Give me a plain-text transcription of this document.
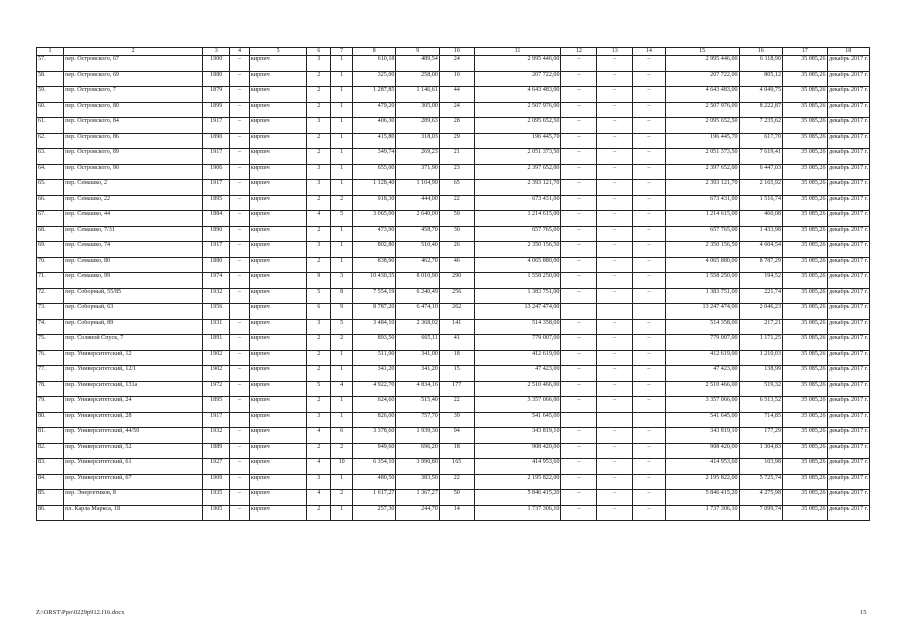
1	2	3	4	5	6	7	8	9	10	11	12	13	14	15	16	17	18
57.	пер. Островского, 67	1900	–	кирпич	3	1	610,18	489,54	24	2 995 446,00	–	–	–	2 995 446,00	6 118,90	35 085,26	декабрь 2017 г.
58.	пер. Островского, 69	1880	–	кирпич	2	1	325,00	258,00	10	207 722,00	–	–	–	207 722,00	805,12	35 085,26	декабрь 2017 г.
59.	пер. Островского, 7	1879	–	кирпич	2	1	1 287,85	1 146,61	44	4 643 483,00	–	–	–	4 643 483,00	4 049,75	35 085,26	декабрь 2017 г.
60.	пер. Островского, 80	1899	–	кирпич	2	1	479,20	305,00	24	2 507 976,00	–	–	–	2 507 976,00	8 222,87	35 085,26	декабрь 2017 г.
61.	пер. Островского, 84	1917	–	кирпич	3	1	406,30	289,63	28	2 095 652,50	–	–	–	2 095 652,50	7 235,62	35 085,26	декабрь 2017 г.
62.	пер. Островского, 86	1890	–	кирпич	2	1	415,80	318,03	29	196 445,70	–	–	–	196 445,70	617,70	35 085,26	декабрь 2017 г.
63.	пер. Островского, 89	1917	–	кирпич	2	1	349,74	269,23	21	2 051 373,50	–	–	–	2 051 373,50	7 619,41	35 085,26	декабрь 2017 г.
64.	пер. Островского, 90	1906	–	кирпич	3	1	655,00	371,90	23	2 397 652,00	–	–	–	2 397 652,00	6 447,03	35 085,26	декабрь 2017 г.
65.	пер. Семашко, 2	1917	–	кирпич	3	1	1 128,40	1 104,90	65	2 393 121,70	–	–	–	2 393 121,70	2 165,92	35 085,26	декабрь 2017 г.
66.	пер. Семашко, 22	1895	–	кирпич	2	2	918,30	444,00	22	673 431,00	–	–	–	673 431,00	1 516,74	35 085,26	декабрь 2017 г.
67.	пер. Семашко, 44	1884	–	кирпич	4	5	3 065,00	2 640,00	59	1 214 615,00	–	–	–	1 214 615,00	460,08	35 085,26	декабрь 2017 г.
68.	пер. Семашко, 7/31	1890	–	кирпич	2	1	473,90	458,70	30	657 765,00	–	–	–	657 765,00	1 433,98	35 085,26	декабрь 2017 г.
69.	пер. Семашко, 74	1917	–	кирпич	3	1	802,80	510,40	26	2 350 156,50	–	–	–	2 350 156,50	4 604,54	35 085,26	декабрь 2017 г.
70.	пер. Семашко, 80	1880	–	кирпич	2	1	838,90	462,70	46	4 065 880,00	–	–	–	4 065 880,00	8 787,29	35 085,26	декабрь 2017 г.
71.	пер. Семашко, 99	1974	–	кирпич	9	3	10 430,35	8 010,90	290	1 558 250,00	–	–	–	1 558 250,00	194,52	35 085,26	декабрь 2017 г.
72.	пер. Соборный, 55/85	1932	–	кирпич	5	8	7 554,19	6 240,49	256	1 383 751,00	–	–	–	1 383 751,00	221,74	35 085,26	декабрь 2017 г.
73.	пер. Соборный, 63	1956		кирпич	6	9	8 787,20	6 474,10	262	13 247 474,00				13 247 474,00	2 046,23	35 085,26	декабрь 2017 г.
74.	пер. Соборный, 89	1931	–	кирпич	3	5	3 484,10	2 368,02	141	514 358,00	–	–	–	514 358,00	217,21	35 085,26	декабрь 2017 г.
75.	пер. Соляной Спуск, 7	1891	–	кирпич	2	2	893,50	665,11	41	779 007,00	–	–	–	779 007,00	1 171,25	35 085,26	декабрь 2017 г.
76.	пер. Университетский, 12	1902	–	кирпич	2	1	511,00	341,00	18	412 619,00	–	–	–	412 619,00	1 210,03	35 085,26	декабрь 2017 г.
77.	пер. Университетский, 12/1	1902	–	кирпич	2	1	341,20	341,20	15	47 423,00	–	–	–	47 423,00	138,99	35 085,26	декабрь 2017 г.
78.	пер. Университетский, 131а	1972	–	кирпич	5	4	4 922,70	4 834,16	177	2 510 466,00	–	–	–	2 510 466,00	519,32	35 085,26	декабрь 2017 г.
79.	пер. Университетский, 24	1895	–	кирпич	2	1	624,60	515,40	22	3 357 066,00	–	–	–	3 357 066,00	6 513,52	35 085,26	декабрь 2017 г.
80.	пер. Университетский, 28	1917		кирпич	3	1	826,00	757,70	39	541 645,00				541 645,00	714,85	35 085,26	декабрь 2017 г.
81.	пер. Университетский, 44/50	1932	–	кирпич	4	6	3 378,60	1 939,30	94	343 819,10	–	–	–	343 819,10	177,29	35 085,26	декабрь 2017 г.
82.	пер. Университетский, 52	1889	–	кирпич	2	2	949,60	696,20	18	908 420,00	–	–	–	908 420,00	1 304,83	35 085,26	декабрь 2017 г.
83.	пер. Университетский, 61	1927	–	кирпич	4	10	6 354,10	3 990,80	165	414 953,60	–	–	–	414 953,60	103,98	35 085,26	декабрь 2017 г.
84.	пер. Университетский, 67	1909	–	кирпич	3	1	480,50	383,50	22	2 195 822,00	–	–	–	2 195 822,00	5 725,74	35 085,26	декабрь 2017 г.
85.	пер. Энергетиков, 8	1935	–	кирпич	4	2	1 617,27	1 367,27	50	5 846 415,20	–	–	–	5 846 415,20	4 275,98	35 085,26	декабрь 2017 г.
86.	пл. Карла Маркса, 18	1905	–	кирпич	2	1	257,30	244,70	14	1 737 306,10	–	–	–	1 737 306,10	7 099,74	35 085,26	декабрь 2017 г.
Z:\ORST\Ppo\0229p912.f16.docx	15
